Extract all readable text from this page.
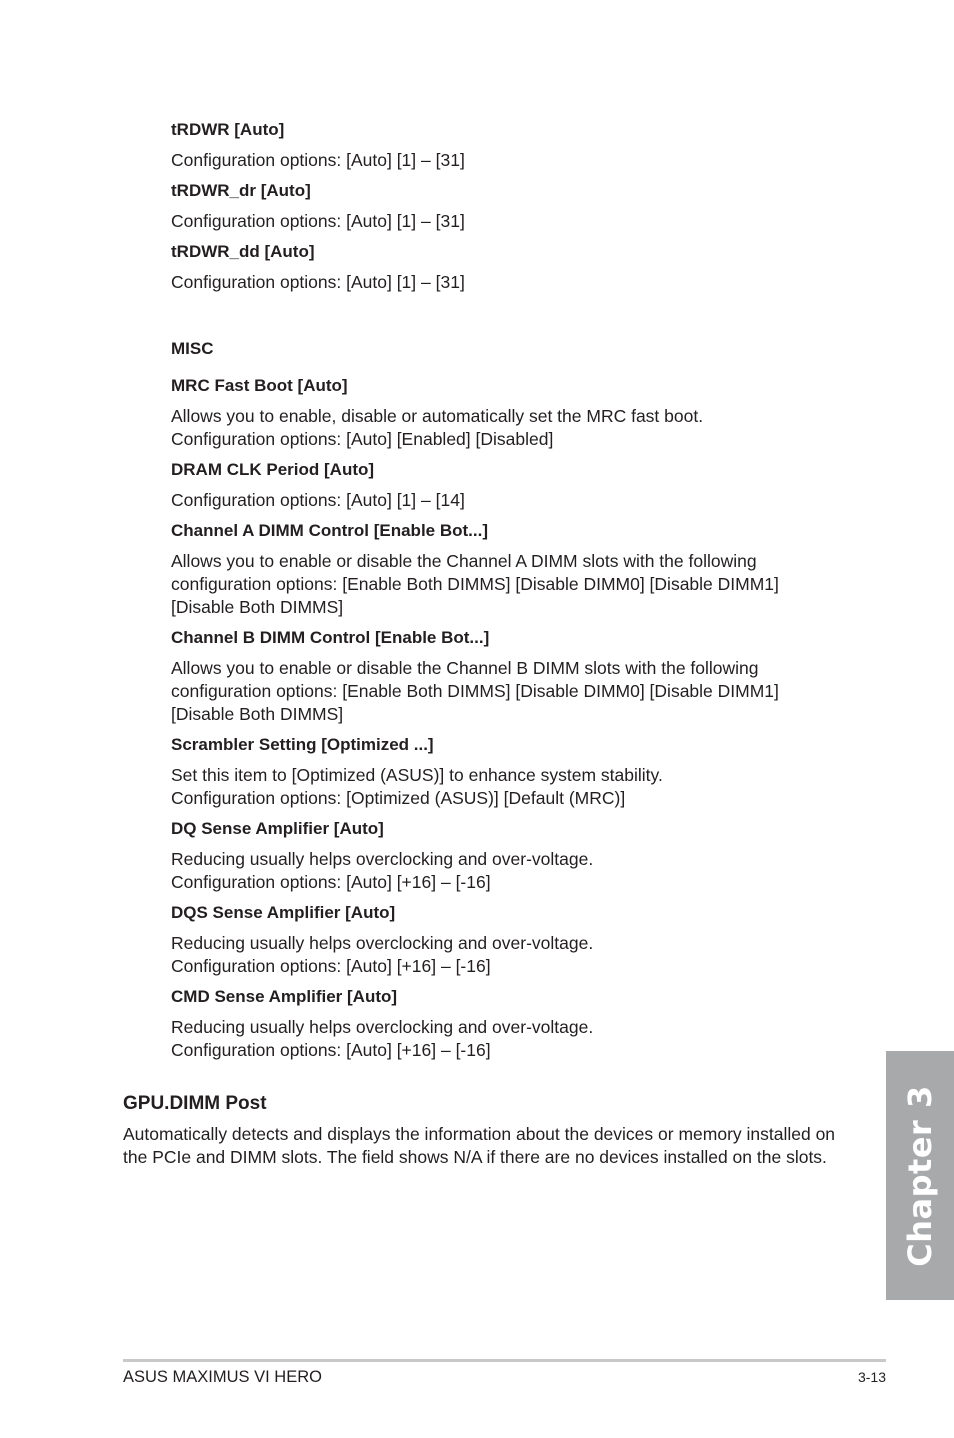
tRDWR [Auto]
Configuration options: [Auto] [1] – [31]
tRDWR_dr [Auto]
Configuration options: [Auto] [1] – [31]
tRDWR_dd [Auto]
Configuration options: [Auto] [1] – [31]
MISC
MRC Fast Boot [Auto]
Allows you to enable, disable or automatically set the MRC fast boot.
Configuration options: [Auto] [Enabled] [Disabled]
DRAM CLK Period [Auto]
Configuration options: [Auto] [1] – [14]
Channel A DIMM Control [Enable Bot...]
Allows you to enable or disable the Channel A DIMM slots with the following configuration options: [Enable Both DIMMS] [Disable DIMM0] [Disable DIMM1] [Disable Both DIMMS]
Channel B DIMM Control [Enable Bot...]
Allows you to enable or disable the Channel B DIMM slots with the following configuration options: [Enable Both DIMMS] [Disable DIMM0] [Disable DIMM1] [Disable Both DIMMS]
Scrambler Setting [Optimized ...]
Set this item to [Optimized (ASUS)] to enhance system stability.
Configuration options: [Optimized (ASUS)] [Default (MRC)]
DQ Sense Amplifier [Auto]
Reducing usually helps overclocking and over-voltage.
Configuration options: [Auto] [+16] – [-16]
DQS Sense Amplifier [Auto]
Reducing usually helps overclocking and over-voltage.
Configuration options: [Auto] [+16] – [-16]
CMD Sense Amplifier [Auto]
Reducing usually helps overclocking and over-voltage.
Configuration options: [Auto] [+16] – [-16]
GPU.DIMM Post

Automatically detects and displays the information about the devices or memory installed on the PCIe and DIMM slots. The field shows N/A if there are no devices installed on the slots.	Chapter 3
ASUS MAXIMUS VI HERO	3-13
